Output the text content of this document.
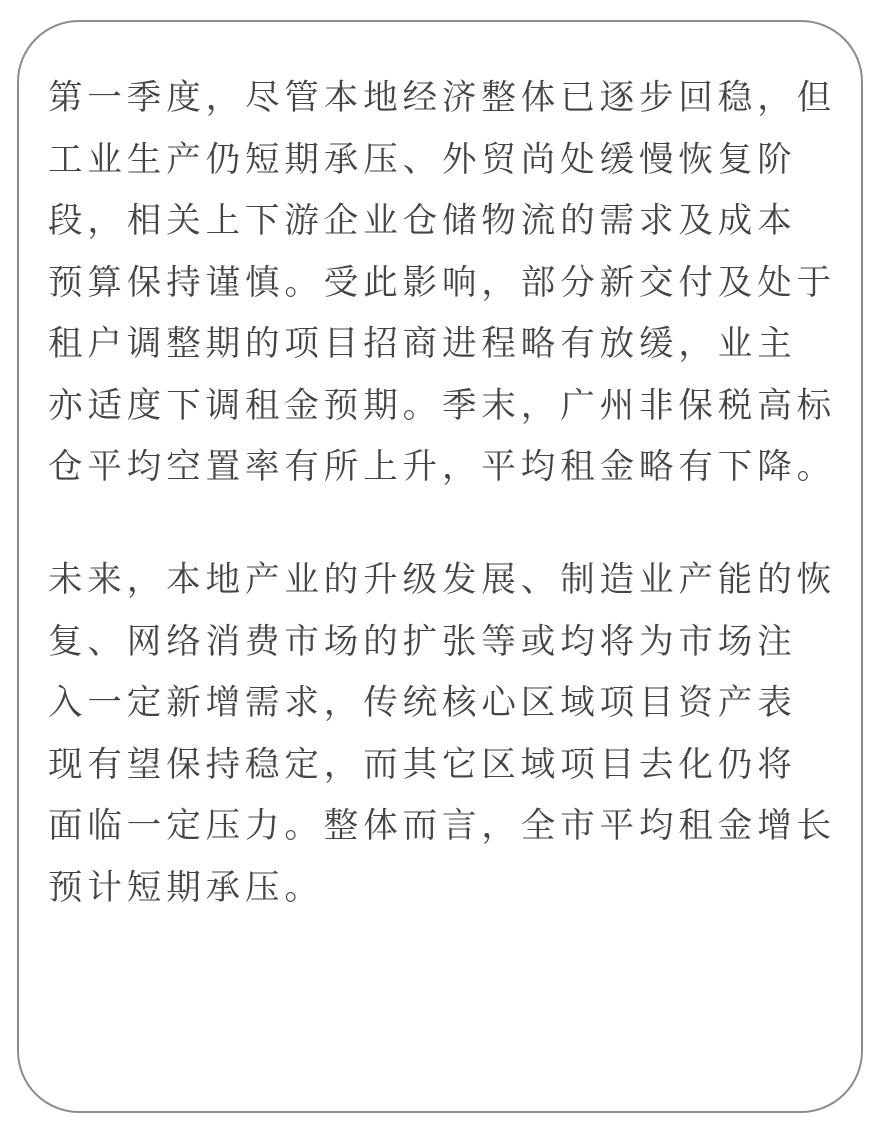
第一季度，尽管本地经济整体已逐步回稳，但
工业生产仍短期承压、外贸尚处缓慢恢复阶
段，相关上下游企业仓储物流的需求及成本
预算保持谨慎。受此影响，部分新交付及处于
租户调整期的项目招商进程略有放缓，业主
亦适度下调租金预期。季末，广州非保税高标
仓平均空置率有所上升，平均租金略有下降。
未来，本地产业的升级发展、制造业产能的恢
复、网络消费市场的扩张等或均将为市场注
入一定新增需求，传统核心区域项目资产表
现有望保持稳定，而其它区域项目去化仍将
面临一定压力。整体而言，全市平均租金增长
预计短期承压。
